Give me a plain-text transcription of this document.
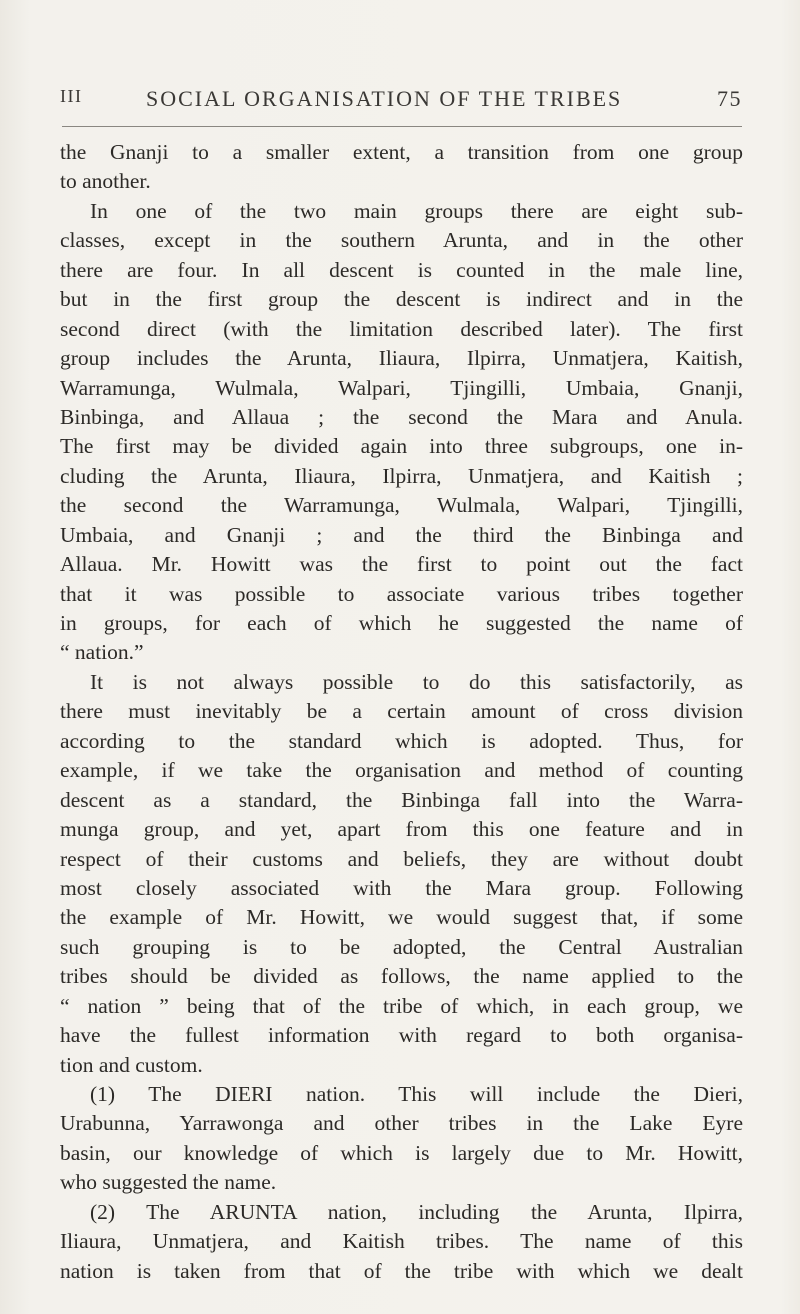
III	SOCIAL ORGANISATION OF THE TRIBES	75
the Gnanji to a smaller extent, a transition from one group
to another.
In one of the two main groups there are eight sub-
classes, except in the southern Arunta, and in the other
there are four. In all descent is counted in the male line,
but in the first group the descent is indirect and in the
second direct (with the limitation described later). The first
group includes the Arunta, Iliaura, Ilpirra, Unmatjera, Kaitish,
Warramunga, Wulmala, Walpari, Tjingilli, Umbaia, Gnanji,
Binbinga, and Allaua ; the second the Mara and Anula.
The first may be divided again into three subgroups, one in-
cluding the Arunta, Iliaura, Ilpirra, Unmatjera, and Kaitish ;
the second the Warramunga, Wulmala, Walpari, Tjingilli,
Umbaia, and Gnanji ; and the third the Binbinga and
Allaua. Mr. Howitt was the first to point out the fact
that it was possible to associate various tribes together
in groups, for each of which he suggested the name of
“ nation.”
It is not always possible to do this satisfactorily, as
there must inevitably be a certain amount of cross division
according to the standard which is adopted. Thus, for
example, if we take the organisation and method of counting
descent as a standard, the Binbinga fall into the Warra-
munga group, and yet, apart from this one feature and in
respect of their customs and beliefs, they are without doubt
most closely associated with the Mara group. Following
the example of Mr. Howitt, we would suggest that, if some
such grouping is to be adopted, the Central Australian
tribes should be divided as follows, the name applied to the
“ nation ” being that of the tribe of which, in each group, we
have the fullest information with regard to both organisa-
tion and custom.
(1) The DIERI nation. This will include the Dieri,
Urabunna, Yarrawonga and other tribes in the Lake Eyre
basin, our knowledge of which is largely due to Mr. Howitt,
who suggested the name.
(2) The ARUNTA nation, including the Arunta, Ilpirra,
Iliaura, Unmatjera, and Kaitish tribes. The name of this
nation is taken from that of the tribe with which we dealt
